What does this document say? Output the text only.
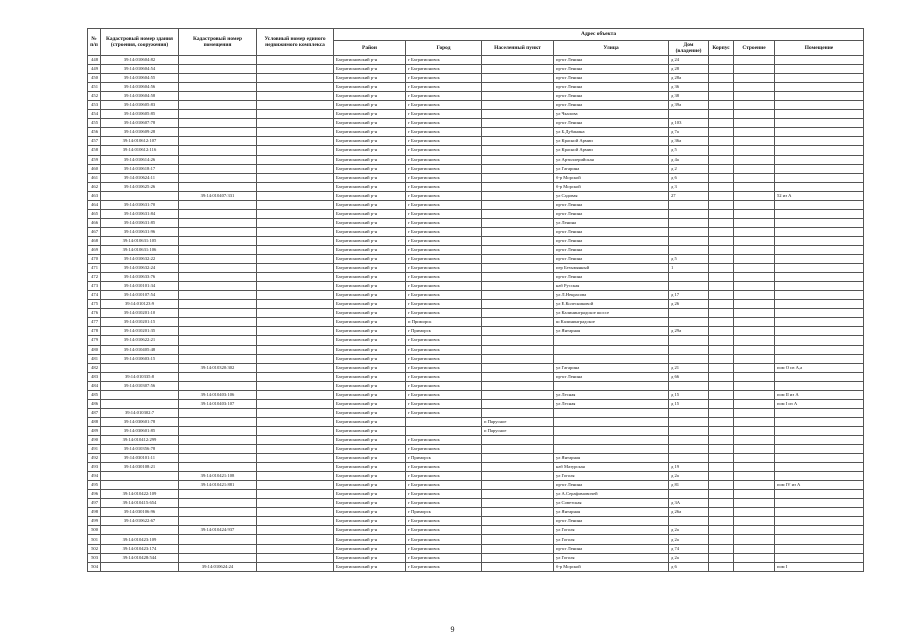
№ п/п	Кадастровый номер здания (строения, сооружения)	Кадастровый номер помещения	Условный номер единого недвижимого комплекса	Адрес объекта							
				Район	Город	Населенный пункт	Улица	Дом (владение)	Корпус	Строение	Помещение
448	39:14:010604:82			Багратионовский р-н	г Багратионовск		пр-кт Ленина	д 24			
449	39:14:010604:54			Багратионовский р-н	г Багратионовск		пр-кт Ленина	д 28			
450	39:14:010604:55			Багратионовский р-н	г Багратионовск		пр-кт Ленина	д 28а			
451	39:14:010604:56			Багратионовский р-н	г Багратионовск		пр-кт Ленина	д 36			
452	39:14:010604:58			Багратионовский р-н	г Багратионовск		пр-кт Ленина	д 38			
453	39:14:010605:83			Багратионовский р-н	г Багратионовск		пр-кт Ленина	д 39а			
454	39:14:010605:85			Багратионовский р-н	г Багратионовск		ул Чкалова				
455	39:14:010607:78			Багратионовский р-н	г Багратионовск		пр-кт Ленина	д 103			
456	39:14:010609:28			Багратионовский р-н	г Багратионовск		ул Б.Дубанина	д 7а			
457	39:14:010612:107			Багратионовский р-н	г Багратионовск		ул Красной Армии	д 36а			
458	39:14:010612:116			Багратионовский р-н	г Багратионовск		ул Красной Армии	д 5			
459	39:14:010614:26			Багратионовский р-н	г Багратионовск		ул Артиллерийская	д 4а			
460	39:14:010618:17			Багратионовский р-н	г Багратионовск		ул Гагарина	д 2			
461	39:14:010624:11			Багратионовский р-н	г Багратионовск		б-р Морской	д 6			
462	39:14:010625:26			Багратионовский р-н	г Багратионовск		б-р Морской	д 3			
463		39:14:010407:331		Багратионовский р-н	г Багратионовск		ул Садовая	27			52 из А
464	39:14:010631:70			Багратионовский р-н	г Багратионовск		пр-кт Ленина				
465	39:14:010631:84			Багратионовский р-н	г Багратионовск		пр-кт Ленина				
466	39:14:010631:85			Багратионовский р-н	г Багратионовск		ул Ленина				
467	39:14:010631:96			Багратионовский р-н	г Багратионовск		пр-кт Ленина				
468	39:14:010631:105			Багратионовский р-н	г Багратионовск		пр-кт Ленина				
469	39:14:010631:106			Багратионовский р-н	г Багратионовск		пр-кт Ленина				
470	39:14:010632:22			Багратионовский р-н	г Багратионовск		пр-кт Ленина	д 5			
471	39:14:010632:24			Багратионовский р-н	г Багратионовск		пер Безымянный	1			
472	39:14:010633:76			Багратионовский р-н	г Багратионовск		пр-кт Ленина				
473	39:14:010101:34			Багратионовский р-н	г Багратионовск		наб Русская				
474	39:14:010107:54			Багратионовский р-н	г Багратионовск		ул Л.Некрасова	д 17			
475	39:14:010123:9			Багратионовский р-н	г Багратионовск		ул Е.Колесниковой	д 26			
476	39:14:010201:10			Багратионовский р-н	г Багратионовск		ул Калининградское шоссе				
477	39:14:010201:15			Багратионовский р-н	п Приморск		ш Калининградское				
478	39:14:010201:35			Багратионовский р-н	г Приморск		ул Янтарная	д 29а			
479	39:14:010622:21			Багратионовский р-н	г Багратионовск						
480	39:14:010405:48			Багратионовский р-н	г Багратионовск						
481	39:14:010603:15			Багратионовский р-н	г Багратионовск						
482		39:14:010320:302		Багратионовский р-н	г Багратионовск		ул Гагарина	д 21			пом О из А,а
483	39:14:010335:8			Багратионовский р-н	г Багратионовск		пр-кт Ленина	д 66			
484	39:14:010307:56			Багратионовский р-н	г Багратионовск						
485		39:14:010403:106		Багратионовский р-н	г Багратионовск		ул Лесная	д 15			пом II из А
486		39:14:010403:107		Багратионовский р-н	г Багратионовск		ул Лесная	д 15			пом I из А
487	39:14:010302:7			Багратионовский р-н	г Багратионовск						
488	39:14:030601:78			Багратионовский р-н		п Парусное					
489	39:14:030601:85			Багратионовский р-н		п Парусное					
490	39:14:010412:299			Багратионовский р-н	г Багратионовск						
491	39:14:010356:78			Багратионовский р-н	г Багратионовск						
492	39:14:030101:11			Багратионовский р-н	г Приморск		ул Янтарная				
493	39:14:030108:21			Багратионовский р-н	г Багратионовск		наб Мазурская	д 19			
494		39:14:010421:108		Багратионовский р-н	г Багратионовск		ул Гоголя	д 2а			
495		39:14:010421:881		Багратионовский р-н	г Багратионовск		пр-кт Ленина	д 81			пом IV из А
496	39:14:010422:109			Багратионовский р-н	г Багратионовск		ул А.Серафимовичей				
497	39:14:010415:654			Багратионовский р-н	г Багратионовск		ул Советская	д 3А			
498	39:14:030106:96			Багратионовский р-н	г Приморск		ул Янтарная	д 26а			
499	39:14:010622:67			Багратионовский р-н	г Багратионовск		пр-кт Ленина				
500		39:14:010424:937		Багратионовский р-н	г Багратионовск		ул Гоголя	д 2а			
501	39:14:010423:109			Багратионовский р-н	г Багратионовск		ул Гоголя	д 2а			
502	39:14:010423:174			Багратионовский р-н	г Багратионовск		пр-кт Ленина	д 74			
503	39:14:010428:544			Багратионовский р-н	г Багратионовск		ул Гоголя	д 2а			
504		39:14:010624:24		Багратионовский р-н	г Багратионовск		б-р Морской	д 6			пом I
9
